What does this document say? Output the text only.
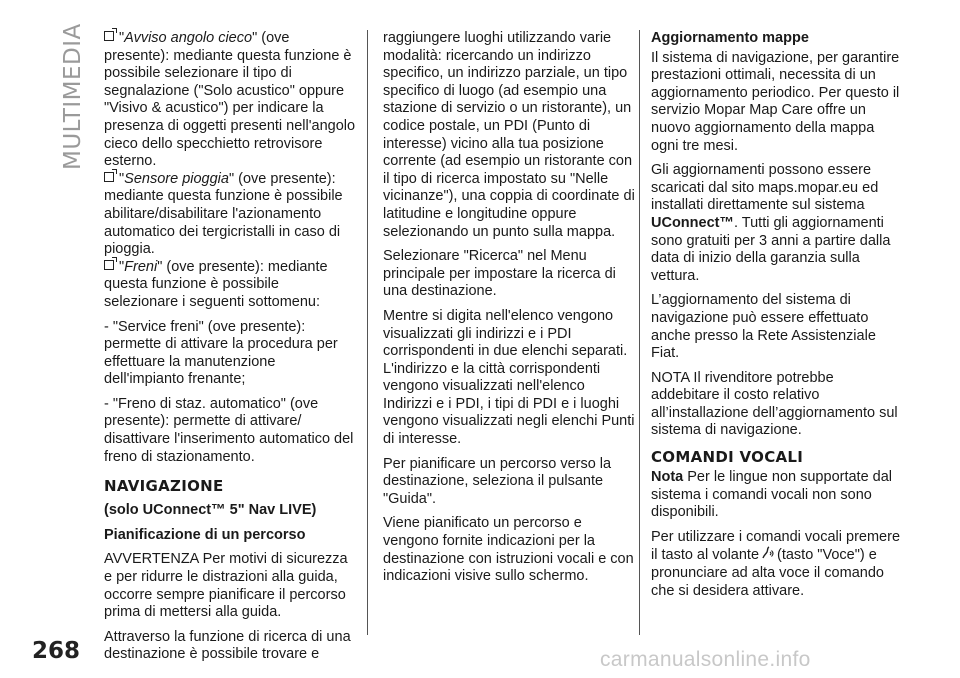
MULTIMEDIA	"Avviso angolo cieco" (ove presente): mediante questa funzione è possibile selezionare il tipo di segnalazione ("Solo acustico" oppure "Visivo & acustico") per indicare la presenza di oggetti presenti nell'angolo cieco dello specchietto retrovisore esterno.

"Sensore pioggia" (ove presente): mediante questa funzione è possibile abilitare/disabilitare l'azionamento automatico dei tergicristalli in caso di pioggia.

"Freni" (ove presente): mediante questa funzione è possibile selezionare i seguenti sottomenu:

- "Service freni" (ove presente): permette di attivare la procedura per effettuare la manutenzione dell'impianto frenante;

- "Freno di staz. automatico" (ove presente): permette di attivare/ disattivare l'inserimento automatico del freno di stazionamento.

NAVIGAZIONE

(solo UConnect™ 5" Nav LIVE)

Pianificazione di un percorso

AVVERTENZA Per motivi di sicurezza e per ridurre le distrazioni alla guida, occorre sempre pianificare il percorso prima di mettersi alla guida.

Attraverso la funzione di ricerca di una destinazione è possibile trovare e

raggiungere luoghi utilizzando varie modalità: ricercando un indirizzo specifico, un indirizzo parziale, un tipo specifico di luogo (ad esempio una stazione di servizio o un ristorante), un codice postale, un PDI (Punto di interesse) vicino alla tua posizione corrente (ad esempio un ristorante con il tipo di ricerca impostato su "Nelle vicinanze"), una coppia di coordinate di latitudine e longitudine oppure selezionando un punto sulla mappa.

Selezionare "Ricerca" nel Menu principale per impostare la ricerca di una destinazione.

Mentre si digita nell'elenco vengono visualizzati gli indirizzi e i PDI corrispondenti in due elenchi separati. L'indirizzo e la città corrispondenti vengono visualizzati nell'elenco Indirizzi e i PDI, i tipi di PDI e i luoghi vengono visualizzati negli elenchi Punti di interesse.

Per pianificare un percorso verso la destinazione, seleziona il pulsante "Guida".

Viene pianificato un percorso e vengono fornite indicazioni per la destinazione con istruzioni vocali e con indicazioni visive sullo schermo.

Aggiornamento mappe

Il sistema di navigazione, per garantire prestazioni ottimali, necessita di un aggiornamento periodico. Per questo il servizio Mopar Map Care offre un nuovo aggiornamento della mappa ogni tre mesi.

Gli aggiornamenti possono essere scaricati dal sito maps.mopar.eu ed installati direttamente sul sistema UConnect™. Tutti gli aggiornamenti sono gratuiti per 3 anni a partire dalla data di inizio della garanzia sulla vettura.

L’aggiornamento del sistema di navigazione può essere effettuato anche presso la Rete Assistenziale Fiat.

NOTA Il rivenditore potrebbe addebitare il costo relativo all’installazione dell’aggiornamento sul sistema di navigazione.

COMANDI VOCALI

Nota Per le lingue non supportate dal sistema i comandi vocali non sono disponibili.

Per utilizzare i comandi vocali premere il tasto al volante (tasto "Voce") e pronunciare ad alta voce il comando che si desidera attivare.

268	carmanualsonline.info
